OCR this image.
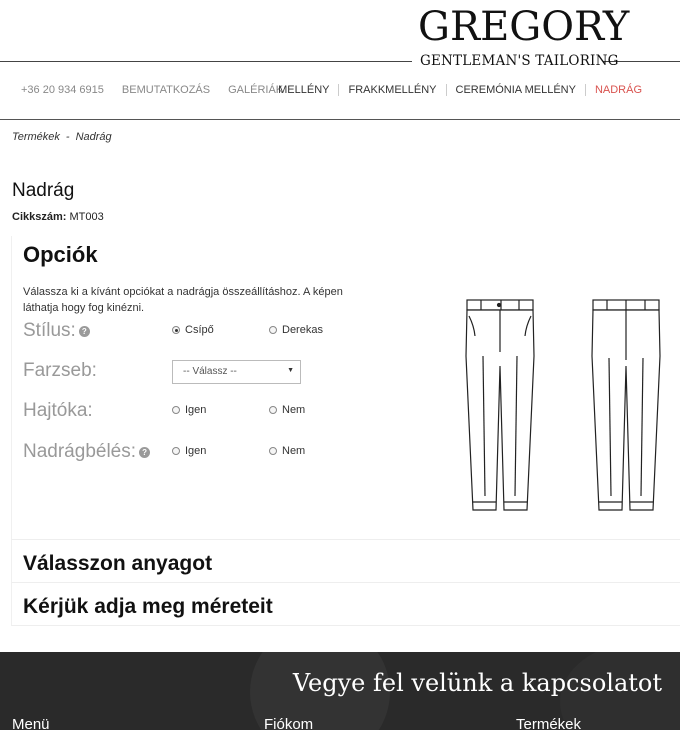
GREGORY
GENTLEMAN'S TAILORING
+36 20 934 6915 BEMUTATKOZÁS GALÉRIÁK
MELLÉNY	FRAKKMELLÉNY	CEREMÓNIA MELLÉNY	NADRÁG
Termékek - Nadrág
Nadrág
Cikkszám: MT003
Opciók
Válassza ki a kívánt opciókat a nadrágja összeállításhoz. A képen láthatja hogy fog kinézni.
Stílus: ?	Csípő	Derekas
Farzseb:	-- Válassz --	▼
Hajtóka:	Igen	Nem
Nadrágbélés: ?	Igen	Nem
Válasszon anyagot
Kérjük adja meg méreteit
Vegye fel velünk a kapcsolatot
Menü	Fiókom	Termékek
